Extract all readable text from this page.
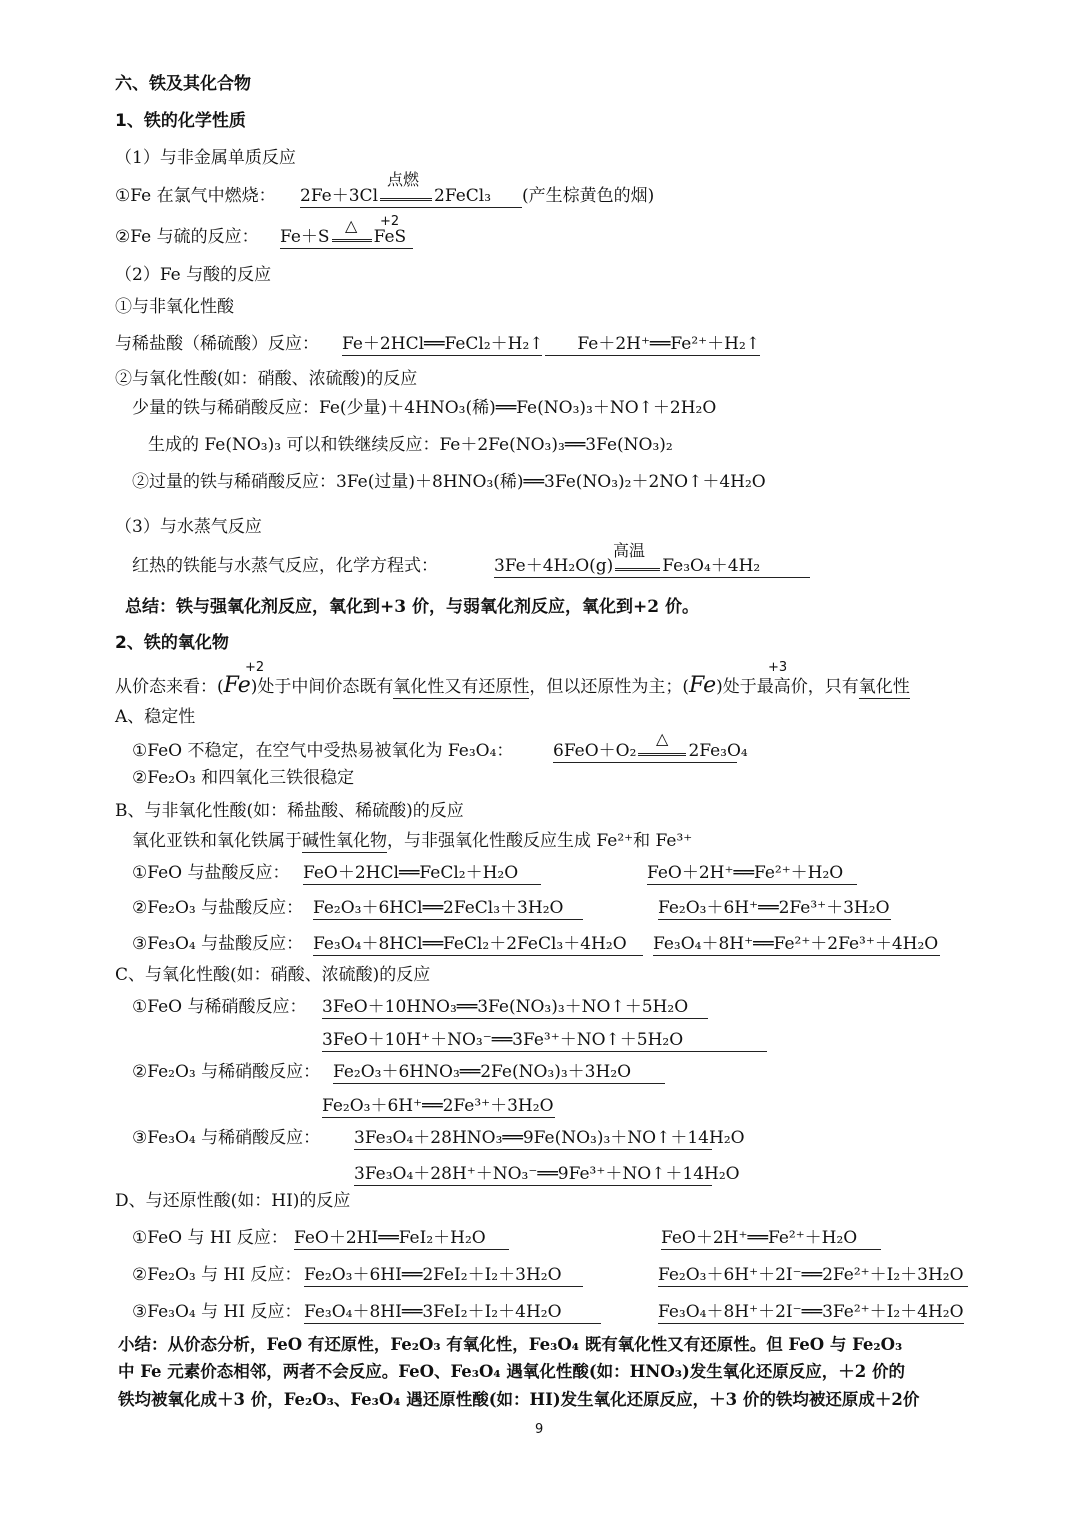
六、铁及其化合物
1、铁的化学性质
（1）与非金属单质反应
①Fe 在氯气中燃烧： 2Fe＋3Cl	2FeCl₃
点燃
(产生棕黄色的烟)
+2
②Fe 与硫的反应： Fe＋S	FeS
△
（2）Fe 与酸的反应
①与非氧化性酸
与稀盐酸（稀硫酸）反应： Fe＋2HCl══FeCl₂＋H₂↑	Fe＋2H⁺══Fe²⁺＋H₂↑
②与氧化性酸(如：硝酸、浓硫酸)的反应
少量的铁与稀硝酸反应：Fe(少量)＋4HNO₃(稀)══Fe(NO₃)₃＋NO↑＋2H₂O
生成的 Fe(NO₃)₃ 可以和铁继续反应：Fe＋2Fe(NO₃)₃══3Fe(NO₃)₂
②过量的铁与稀硝酸反应：3Fe(过量)＋8HNO₃(稀)══3Fe(NO₃)₂＋2NO↑＋4H₂O
（3）与水蒸气反应
红热的铁能与水蒸气反应，化学方程式：	3Fe＋4H₂O(g)	Fe₃O₄＋4H₂
高温
总结：铁与强氧化剂反应，氧化到+3 价，与弱氧化剂反应，氧化到+2 价。
2、铁的氧化物
+2	+3
从价态来看：(Fe)处于中间价态既有氧化性又有还原性，但以还原性为主；(Fe)处于最高价，只有氧化性
A、稳定性
①FeO 不稳定，在空气中受热易被氧化为 Fe₃O₄： 6FeO＋O₂	2Fe₃O₄
△
②Fe₂O₃ 和四氧化三铁很稳定
B、与非氧化性酸(如：稀盐酸、稀硫酸)的反应
氧化亚铁和氧化铁属于碱性氧化物，与非强氧化性酸反应生成 Fe²⁺和 Fe³⁺
①FeO 与盐酸反应： FeO＋2HCl══FeCl₂＋H₂O	FeO＋2H⁺══Fe²⁺＋H₂O
②Fe₂O₃ 与盐酸反应： Fe₂O₃＋6HCl══2FeCl₃＋3H₂O	Fe₂O₃＋6H⁺══2Fe³⁺＋3H₂O
③Fe₃O₄ 与盐酸反应： Fe₃O₄＋8HCl══FeCl₂＋2FeCl₃＋4H₂O	Fe₃O₄＋8H⁺══Fe²⁺＋2Fe³⁺＋4H₂O
C、与氧化性酸(如：硝酸、浓硫酸)的反应
①FeO 与稀硝酸反应： 3FeO＋10HNO₃══3Fe(NO₃)₃＋NO↑＋5H₂O
3FeO＋10H⁺＋NO₃⁻══3Fe³⁺＋NO↑＋5H₂O
②Fe₂O₃ 与稀硝酸反应： Fe₂O₃＋6HNO₃══2Fe(NO₃)₃＋3H₂O
Fe₂O₃＋6H⁺══2Fe³⁺＋3H₂O
③Fe₃O₄ 与稀硝酸反应： 3Fe₃O₄＋28HNO₃══9Fe(NO₃)₃＋NO↑＋14H₂O
3Fe₃O₄＋28H⁺＋NO₃⁻══9Fe³⁺＋NO↑＋14H₂O
D、与还原性酸(如：HI)的反应
①FeO 与 HI 反应： FeO＋2HI══FeI₂＋H₂O	FeO＋2H⁺══Fe²⁺＋H₂O
②Fe₂O₃ 与 HI 反应： Fe₂O₃＋6HI══2FeI₂＋I₂＋3H₂O	Fe₂O₃＋6H⁺＋2I⁻══2Fe²⁺＋I₂＋3H₂O
③Fe₃O₄ 与 HI 反应： Fe₃O₄＋8HI══3FeI₂＋I₂＋4H₂O	Fe₃O₄＋8H⁺＋2I⁻══3Fe²⁺＋I₂＋4H₂O
小结：从价态分析，FeO 有还原性，Fe₂O₃ 有氧化性，Fe₃O₄ 既有氧化性又有还原性。但 FeO 与 Fe₂O₃
中 Fe 元素价态相邻，两者不会反应。FeO、Fe₃O₄ 遇氧化性酸(如：HNO₃)发生氧化还原反应，＋2 价的
铁均被氧化成＋3 价，Fe₂O₃、Fe₃O₄ 遇还原性酸(如：HI)发生氧化还原反应，＋3 价的铁均被还原成＋2价
9
